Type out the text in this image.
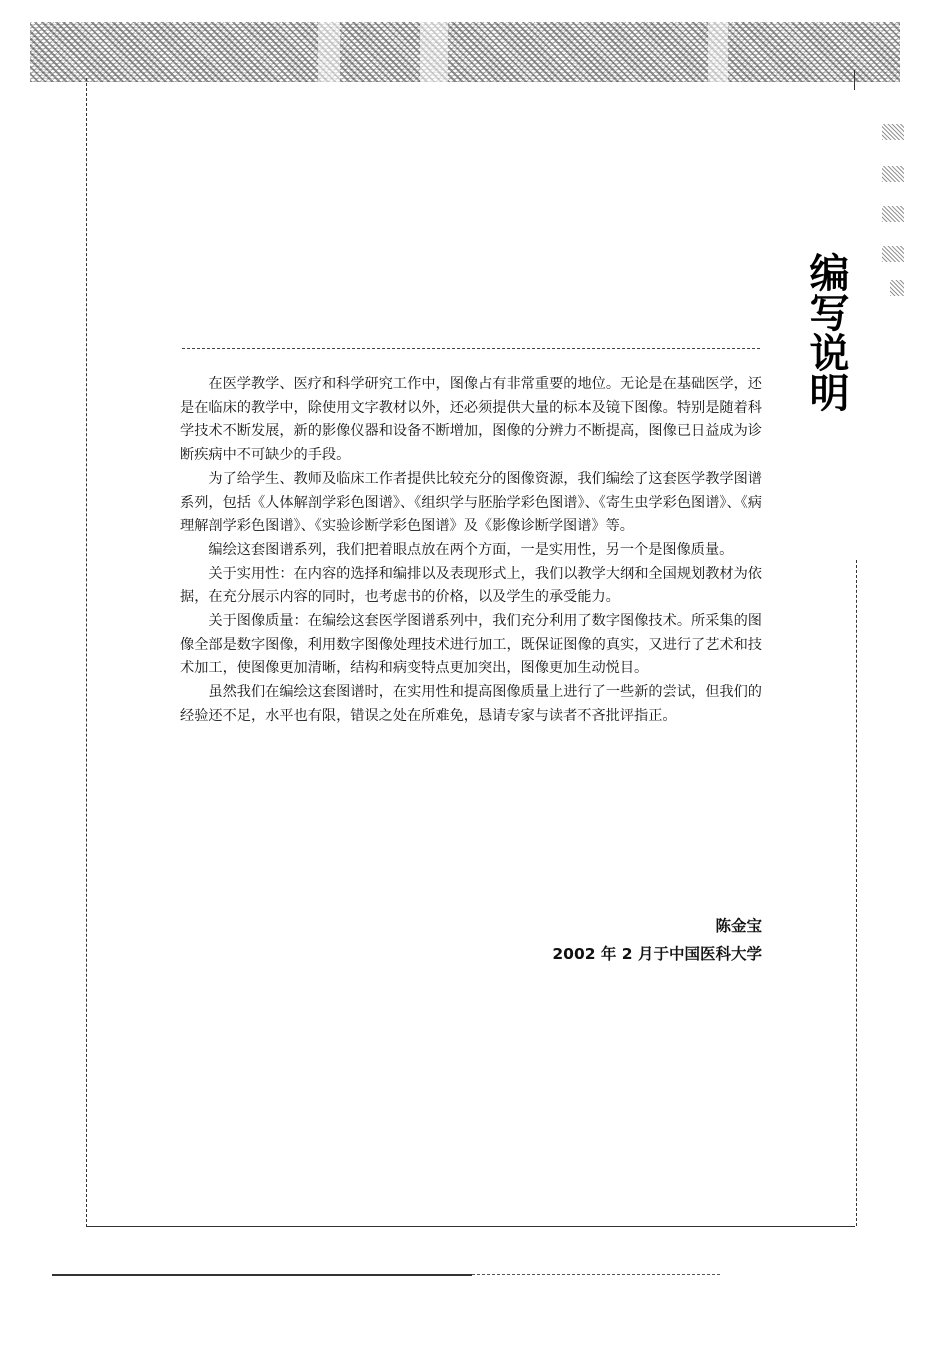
编写说明

在医学教学、医疗和科学研究工作中，图像占有非常重要的地位。无论是在基础医学，还是在临床的教学中，除使用文字教材以外，还必须提供大量的标本及镜下图像。特别是随着科学技术不断发展，新的影像仪器和设备不断增加，图像的分辨力不断提高，图像已日益成为诊断疾病中不可缺少的手段。

为了给学生、教师及临床工作者提供比较充分的图像资源，我们编绘了这套医学教学图谱系列，包括《人体解剖学彩色图谱》、《组织学与胚胎学彩色图谱》、《寄生虫学彩色图谱》、《病理解剖学彩色图谱》、《实验诊断学彩色图谱》及《影像诊断学图谱》等。

编绘这套图谱系列，我们把着眼点放在两个方面，一是实用性，另一个是图像质量。

关于实用性：在内容的选择和编排以及表现形式上，我们以教学大纲和全国规划教材为依据，在充分展示内容的同时，也考虑书的价格，以及学生的承受能力。

关于图像质量：在编绘这套医学图谱系列中，我们充分利用了数字图像技术。所采集的图像全部是数字图像，利用数字图像处理技术进行加工，既保证图像的真实，又进行了艺术和技术加工，使图像更加清晰，结构和病变特点更加突出，图像更加生动悦目。

虽然我们在编绘这套图谱时，在实用性和提高图像质量上进行了一些新的尝试，但我们的经验还不足，水平也有限，错误之处在所难免，恳请专家与读者不吝批评指正。

陈金宝
2002 年 2 月于中国医科大学
